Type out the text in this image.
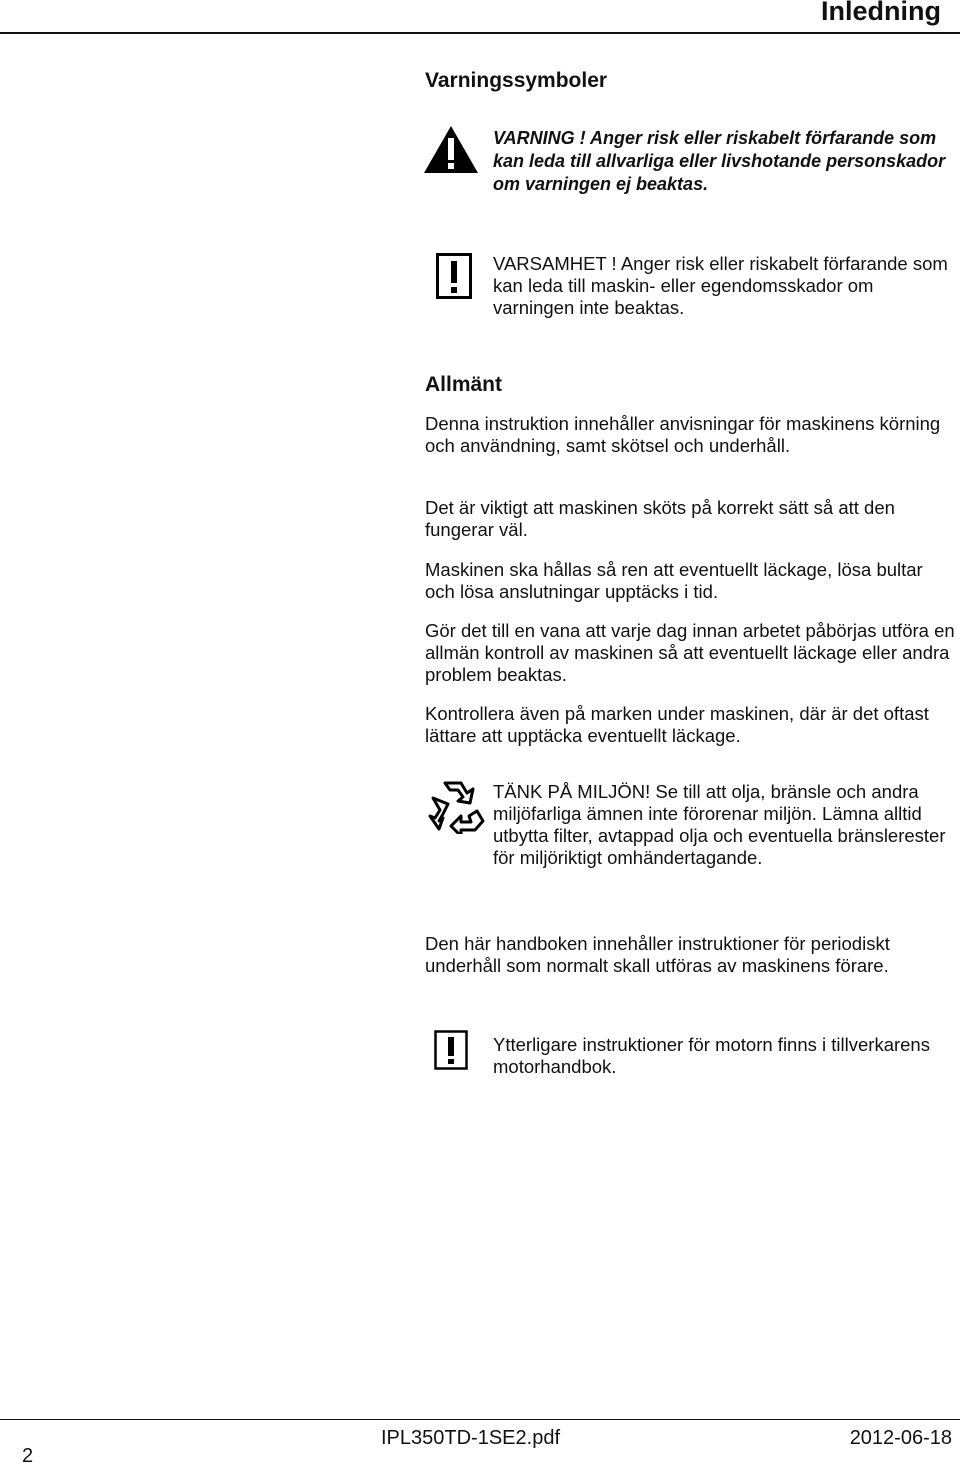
Inledning
Varningssymboler

VARNING ! Anger risk eller riskabelt förfarande som kan leda till allvarliga eller livshotande personskador om varningen ej beaktas.

VARSAMHET ! Anger risk eller riskabelt förfarande som kan leda till maskin- eller egendomsskador om varningen inte beaktas.

Allmänt

Denna instruktion innehåller anvisningar för maskinens körning och användning, samt skötsel och underhåll.

Det är viktigt att maskinen sköts på korrekt sätt så att den fungerar väl.

Maskinen ska hållas så ren att eventuellt läckage, lösa bultar och lösa anslutningar upptäcks i tid.

Gör det till en vana att varje dag innan arbetet påbörjas utföra en allmän kontroll av maskinen så att eventuellt läckage eller andra problem beaktas.

Kontrollera även på marken under maskinen, där är det oftast lättare att upptäcka eventuellt läckage.

TÄNK PÅ MILJÖN! Se till att olja, bränsle och andra miljöfarliga ämnen inte förorenar miljön. Lämna alltid utbytta filter, avtappad olja och eventuella bränslerester för miljöriktigt omhändertagande.

Den här handboken innehåller instruktioner för periodiskt underhåll som normalt skall utföras av maskinens förare.

Ytterligare instruktioner för motorn finns i tillverkarens motorhandbok.

2
IPL350TD-1SE2.pdf	2012-06-18
